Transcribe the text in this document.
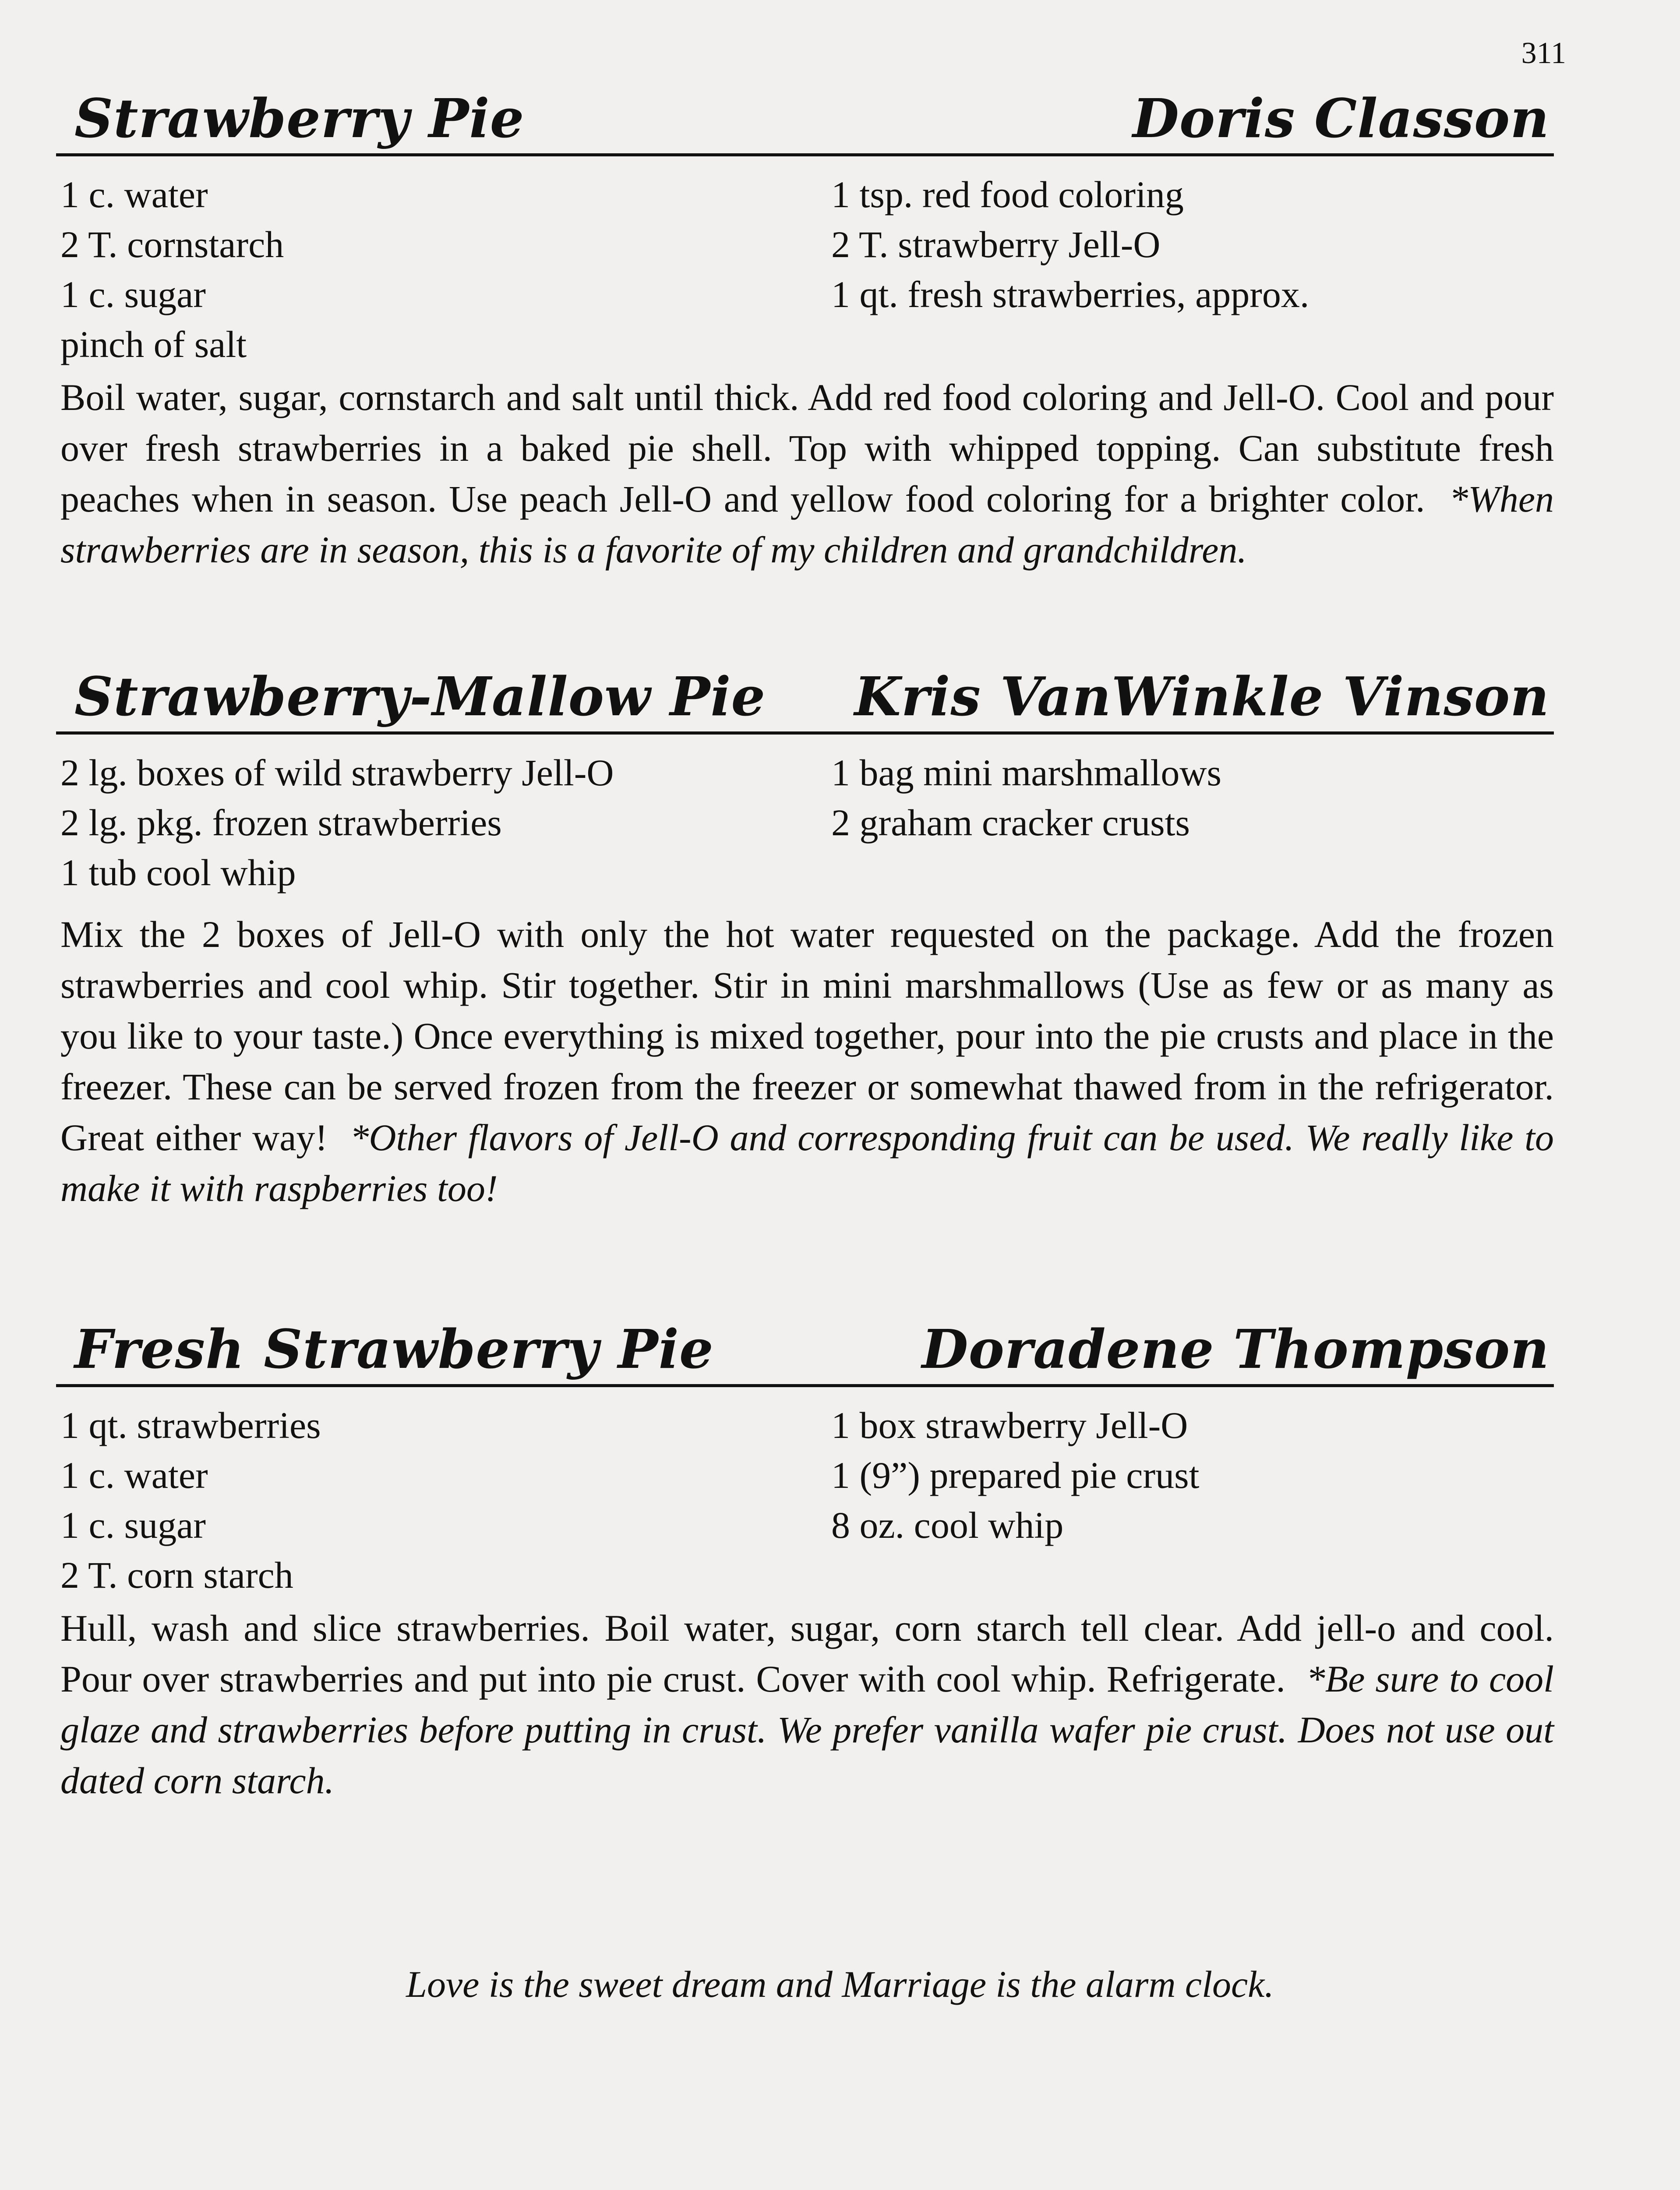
311
Strawberry Pie	Doris Classon
1 c. water
2 T. cornstarch
1 c. sugar
pinch of salt
1 tsp. red food coloring
2 T. strawberry Jell-O
1 qt. fresh strawberries, approx.

Boil water, sugar, cornstarch and salt until thick. Add red food coloring and Jell-O. Cool and pour over fresh strawberries in a baked pie shell. Top with whipped topping. Can substitute fresh peaches when in season. Use peach Jell-O and yellow food coloring for a brighter color. *When strawberries are in season, this is a favorite of my children and grandchildren.

Strawberry-Mallow Pie Kris VanWinkle Vinson
2 lg. boxes of wild strawberry Jell-O
2 lg. pkg. frozen strawberries
1 tub cool whip
1 bag mini marshmallows
2 graham cracker crusts

Mix the 2 boxes of Jell-O with only the hot water requested on the package. Add the frozen strawberries and cool whip. Stir together. Stir in mini marshmallows (Use as few or as many as you like to your taste.) Once everything is mixed together, pour into the pie crusts and place in the freezer. These can be served frozen from the freezer or somewhat thawed from in the refrigerator. Great either way! *Other flavors of Jell-O and corresponding fruit can be used. We really like to make it with raspberries too!

Fresh Strawberry Pie	Doradene Thompson
1 qt. strawberries
1 c. water
1 c. sugar
2 T. corn starch
1 box strawberry Jell-O
1 (9”) prepared pie crust
8 oz. cool whip

Hull, wash and slice strawberries. Boil water, sugar, corn starch tell clear. Add jell-o and cool. Pour over strawberries and put into pie crust. Cover with cool whip. Refrigerate. *Be sure to cool glaze and strawberries before putting in crust. We prefer vanilla wafer pie crust. Does not use out dated corn starch.

Love is the sweet dream and Marriage is the alarm clock.
